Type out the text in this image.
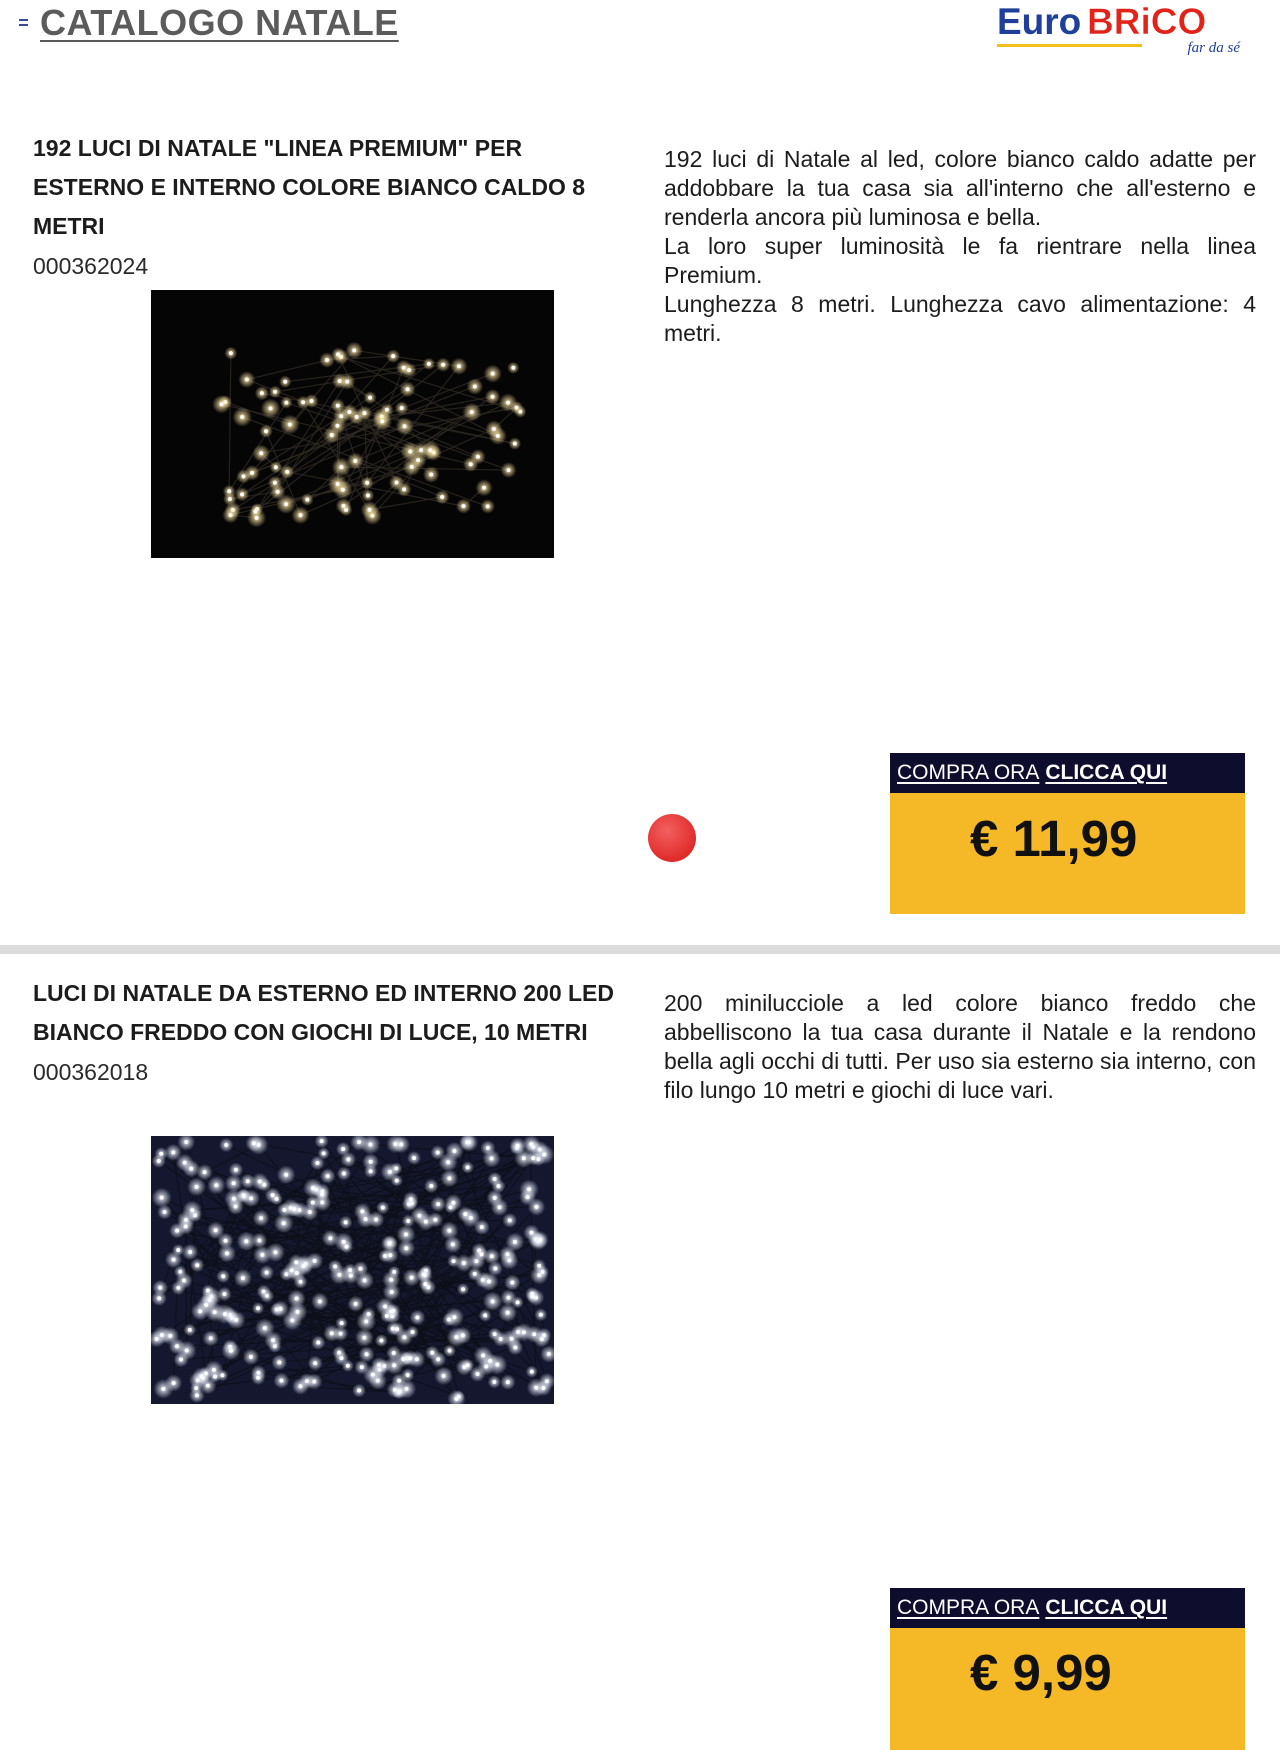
CATALOGO NATALE	Euro BRiCO
far da sé
192 LUCI DI NATALE "LINEA PREMIUM" PER ESTERNO E INTERNO COLORE BIANCO CALDO 8 METRI
000362024

192 luci di Natale al led, colore bianco caldo adatte per addobbare la tua casa sia all'interno che all'esterno e renderla ancora più luminosa e bella.

La loro super luminosità le fa rientrare nella linea Premium.

Lunghezza 8 metri. Lunghezza cavo alimentazione: 4 metri.

COMPRA ORA CLICCA QUI
€ 11,99
LUCI DI NATALE DA ESTERNO ED INTERNO 200 LED BIANCO FREDDO CON GIOCHI DI LUCE, 10 METRI
000362018

200 minilucciole a led colore bianco freddo che abbelliscono la tua casa durante il Natale e la rendono bella agli occhi di tutti. Per uso sia esterno sia interno, con filo lungo 10 metri e giochi di luce vari.

COMPRA ORA CLICCA QUI
€ 9,99
